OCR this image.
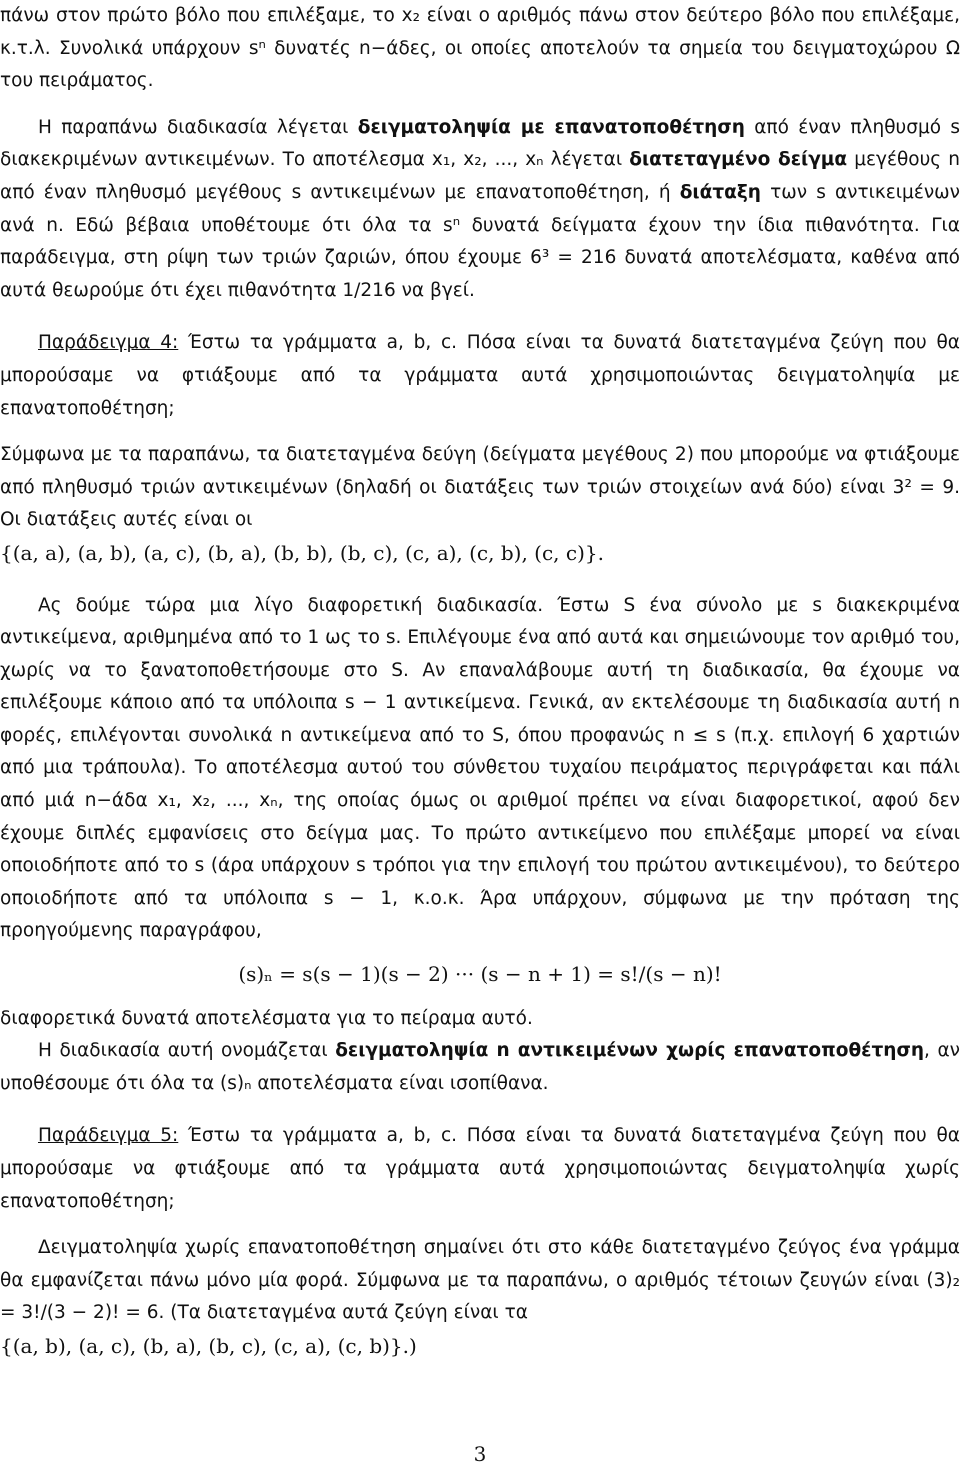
πάνω στον πρώτο βόλο που επιλέξαμε, το x₂ είναι ο αριθμός πάνω στον δεύτερο βόλο που επιλέξαμε, κ.τ.λ. Συνολικά υπάρχουν sⁿ δυνατές n−άδες, οι οποίες αποτελούν τα σημεία του δειγματοχώρου Ω του πειράματος.

Η παραπάνω διαδικασία λέγεται δειγματοληψία με επανατοποθέτηση από έναν πληθυσμό s διακεκριμένων αντικειμένων. Το αποτέλεσμα x₁, x₂, ..., xₙ λέγεται διατεταγμένο δείγμα μεγέθους n από έναν πληθυσμό μεγέθους s αντικειμένων με επανατοποθέτηση, ή διάταξη των s αντικειμένων ανά n. Εδώ βέβαια υποθέτουμε ότι όλα τα sⁿ δυνατά δείγματα έχουν την ίδια πιθανότητα. Για παράδειγμα, στη ρίψη των τριών ζαριών, όπου έχουμε 6³ = 216 δυνατά αποτελέσματα, καθένα από αυτά θεωρούμε ότι έχει πιθανότητα 1/216 να βγεί.

Παράδειγμα 4: Έστω τα γράμματα a, b, c. Πόσα είναι τα δυνατά διατεταγμένα ζεύγη που θα μπορούσαμε να φτιάξουμε από τα γράμματα αυτά χρησιμοποιώντας δειγματοληψία με επανατοποθέτηση;

Σύμφωνα με τα παραπάνω, τα διατεταγμένα δεύγη (δείγματα μεγέθους 2) που μπορούμε να φτιάξουμε από πληθυσμό τριών αντικειμένων (δηλαδή οι διατάξεις των τριών στοιχείων ανά δύο) είναι 3² = 9. Οι διατάξεις αυτές είναι οι

{(a, a), (a, b), (a, c), (b, a), (b, b), (b, c), (c, a), (c, b), (c, c)}.

Ας δούμε τώρα μια λίγο διαφορετική διαδικασία. Έστω S ένα σύνολο με s διακεκριμένα αντικείμενα, αριθμημένα από το 1 ως το s. Επιλέγουμε ένα από αυτά και σημειώνουμε τον αριθμό του, χωρίς να το ξανατοποθετήσουμε στο S. Αν επαναλάβουμε αυτή τη διαδικασία, θα έχουμε να επιλέξουμε κάποιο από τα υπόλοιπα s − 1 αντικείμενα. Γενικά, αν εκτελέσουμε τη διαδικασία αυτή n φορές, επιλέγονται συνολικά n αντικείμενα από το S, όπου προφανώς n ≤ s (π.χ. επιλογή 6 χαρτιών από μια τράπουλα). Το αποτέλεσμα αυτού του σύνθετου τυχαίου πειράματος περιγράφεται και πάλι από μιά n−άδα x₁, x₂, ..., xₙ, της οποίας όμως οι αριθμοί πρέπει να είναι διαφορετικοί, αφού δεν έχουμε διπλές εμφανίσεις στο δείγμα μας. Το πρώτο αντικείμενο που επιλέξαμε μπορεί να είναι οποιοδήποτε από το s (άρα υπάρχουν s τρόποι για την επιλογή του πρώτου αντικειμένου), το δεύτερο οποιοδήποτε από τα υπόλοιπα s − 1, κ.ο.κ. Άρα υπάρχουν, σύμφωνα με την πρόταση της προηγούμενης παραγράφου,

(s)ₙ = s(s − 1)(s − 2) ··· (s − n + 1) = s!/(s − n)!

διαφορετικά δυνατά αποτελέσματα για το πείραμα αυτό.

Η διαδικασία αυτή ονομάζεται δειγματοληψία n αντικειμένων χωρίς επανατοποθέτηση, αν υποθέσουμε ότι όλα τα (s)ₙ αποτελέσματα είναι ισοπίθανα.

Παράδειγμα 5: Έστω τα γράμματα a, b, c. Πόσα είναι τα δυνατά διατεταγμένα ζεύγη που θα μπορούσαμε να φτιάξουμε από τα γράμματα αυτά χρησιμοποιώντας δειγματοληψία χωρίς επανατοποθέτηση;

Δειγματοληψία χωρίς επανατοποθέτηση σημαίνει ότι στο κάθε διατεταγμένο ζεύγος ένα γράμμα θα εμφανίζεται πάνω μόνο μία φορά. Σύμφωνα με τα παραπάνω, ο αριθμός τέτοιων ζευγών είναι (3)₂ = 3!/(3 − 2)! = 6. (Τα διατεταγμένα αυτά ζεύγη είναι τα

{(a, b), (a, c), (b, a), (b, c), (c, a), (c, b)}.)

3
